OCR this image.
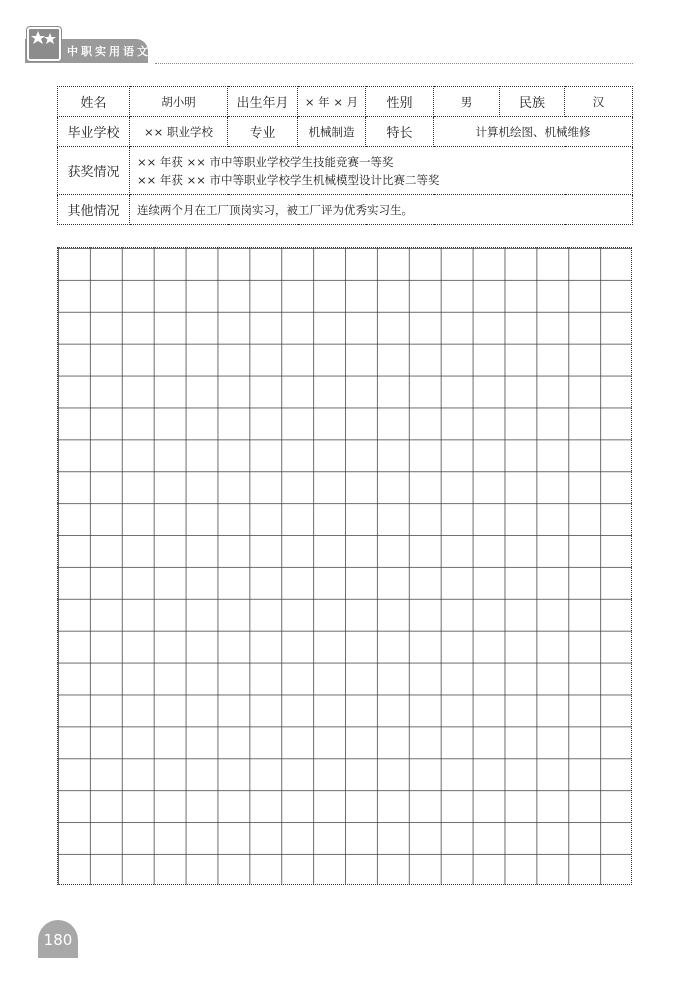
中职实用语文
姓名	胡小明	出生年月	× 年 × 月	性别	男	民族	汉
毕业学校	×× 职业学校	专业	机械制造	特长	计算机绘图、机械维修		
获奖情况	×× 年获 ×× 市中等职业学校学生技能竞赛一等奖
×× 年获 ×× 市中等职业学校学生机械模型设计比赛二等奖						

其他情况	连续两个月在工厂顶岗实习，被工厂评为优秀实习生。						
180
